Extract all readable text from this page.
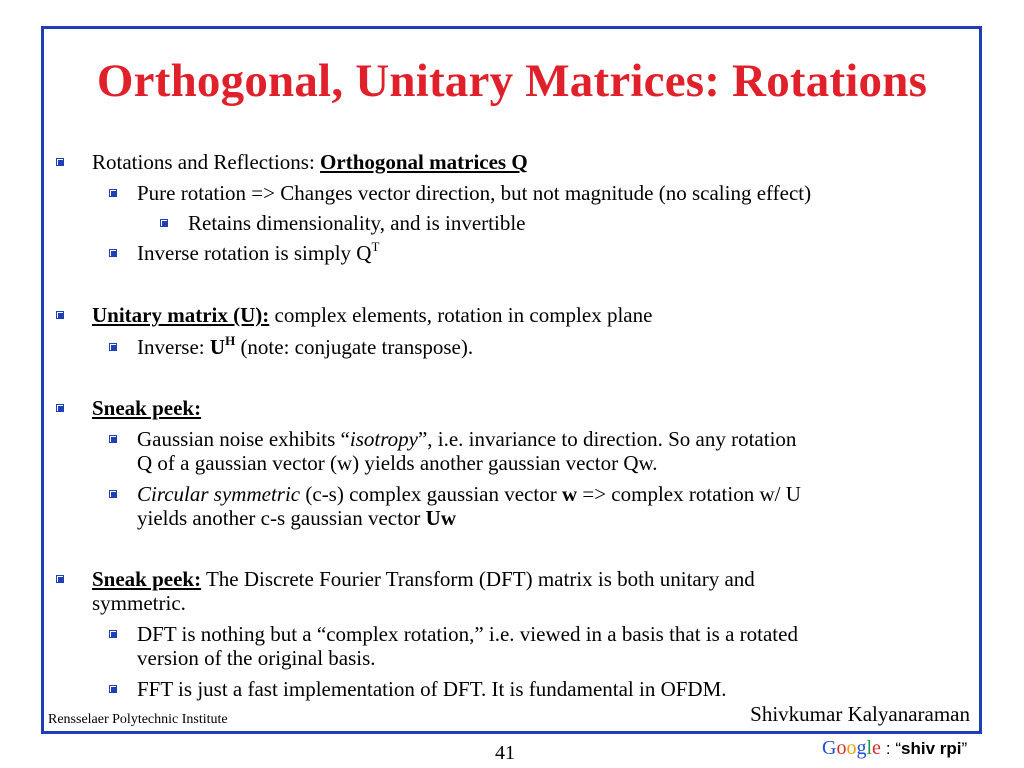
Orthogonal, Unitary Matrices: Rotations
Rotations and Reflections: Orthogonal matrices Q
Pure rotation => Changes vector direction, but not magnitude (no scaling effect)
Retains dimensionality, and is invertible
Inverse rotation is simply $Q^T$
Unitary matrix (U): complex elements, rotation in complex plane
Inverse: $U^H$ (note: conjugate transpose).
Sneak peek:
Gaussian noise exhibits “isotropy”, i.e. invariance to direction. So any rotation
Q of a gaussian vector (w) yields another gaussian vector Qw.
Circular symmetric (c-s) complex gaussian vector w => complex rotation w/ U
yields another c-s gaussian vector Uw
Sneak peek: The Discrete Fourier Transform (DFT) matrix is both unitary and
symmetric.
DFT is nothing but a “complex rotation,” i.e. viewed in a basis that is a rotated
version of the original basis.
FFT is just a fast implementation of DFT. It is fundamental in OFDM.
Shivkumar Kalyanaraman
Rensselaer Polytechnic Institute
41	Google : “shiv rpi”
